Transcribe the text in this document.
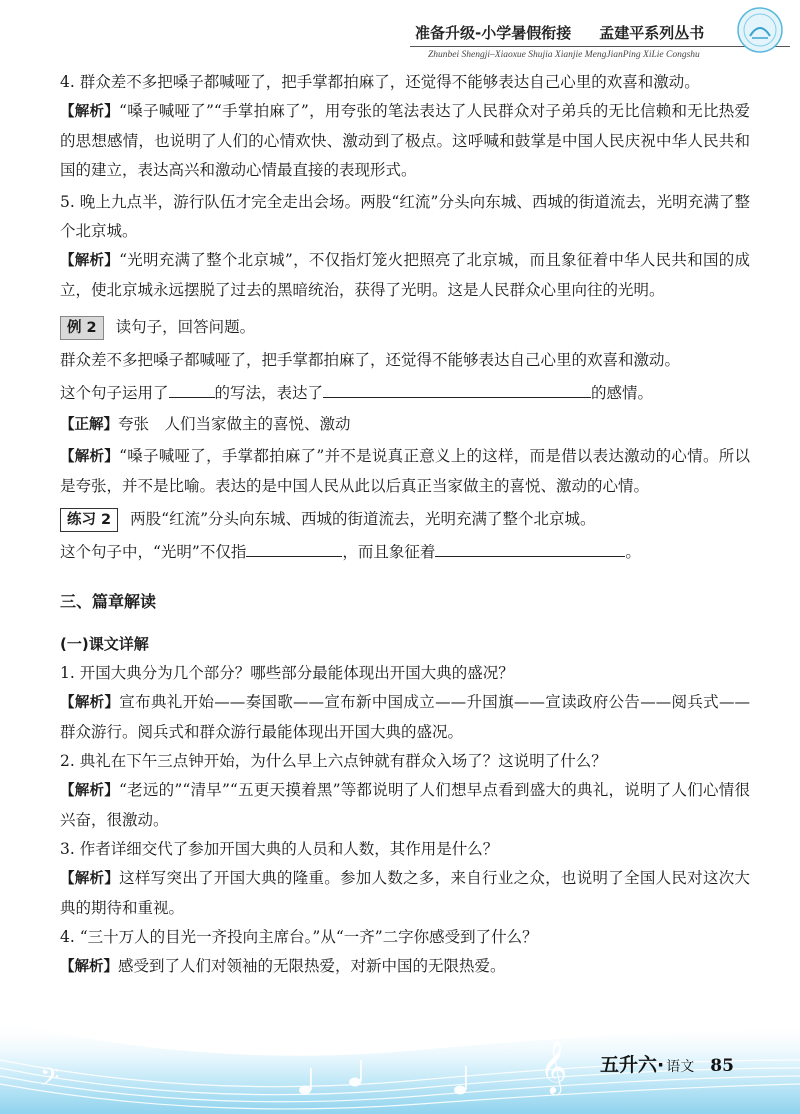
准备升级-小学暑假衔接 孟建平系列丛书
Zhunbei Shengji–Xiaoxue Shujia Xianjie MengJianPing XiLie Congshu

4. 群众差不多把嗓子都喊哑了，把手掌都拍麻了，还觉得不能够表达自己心里的欢喜和激动。

【解析】“嗓子喊哑了”“手掌拍麻了”，用夸张的笔法表达了人民群众对子弟兵的无比信赖和无比热爱的思想感情，也说明了人们的心情欢快、激动到了极点。这呼喊和鼓掌是中国人民庆祝中华人民共和国的建立，表达高兴和激动心情最直接的表现形式。

5. 晚上九点半，游行队伍才完全走出会场。两股“红流”分头向东城、西城的街道流去，光明充满了整个北京城。

【解析】“光明充满了整个北京城”，不仅指灯笼火把照亮了北京城，而且象征着中华人民共和国的成立，使北京城永远摆脱了过去的黑暗统治，获得了光明。这是人民群众心里向往的光明。

例 2 读句子，回答问题。

群众差不多把嗓子都喊哑了，把手掌都拍麻了，还觉得不能够表达自己心里的欢喜和激动。

这个句子运用了	的写法，表达了	的感情。

【正解】夸张　人们当家做主的喜悦、激动

【解析】“嗓子喊哑了，手掌都拍麻了”并不是说真正意义上的这样，而是借以表达激动的心情。所以是夸张，并不是比喻。表达的是中国人民从此以后真正当家做主的喜悦、激动的心情。

练习 2 两股“红流”分头向东城、西城的街道流去，光明充满了整个北京城。

这个句子中，“光明”不仅指	，而且象征着	。

三、篇章解读

(一)课文详解

1. 开国大典分为几个部分？哪些部分最能体现出开国大典的盛况？

【解析】宣布典礼开始——奏国歌——宣布新中国成立——升国旗——宣读政府公告——阅兵式——群众游行。阅兵式和群众游行最能体现出开国大典的盛况。

2. 典礼在下午三点钟开始，为什么早上六点钟就有群众入场了？这说明了什么？

【解析】“老远的”“清早”“五更天摸着黑”等都说明了人们想早点看到盛大的典礼，说明了人们心情很兴奋，很激动。

3. 作者详细交代了参加开国大典的人员和人数，其作用是什么？

【解析】这样写突出了开国大典的隆重。参加人数之多，来自行业之众，也说明了全国人民对这次大典的期待和重视。

4. “三十万人的目光一齐投向主席台。”从“一齐”二字你感受到了什么？

【解析】感受到了人们对领袖的无限热爱，对新中国的无限热爱。

𝄞
𝄢	五升六· 语文 85
